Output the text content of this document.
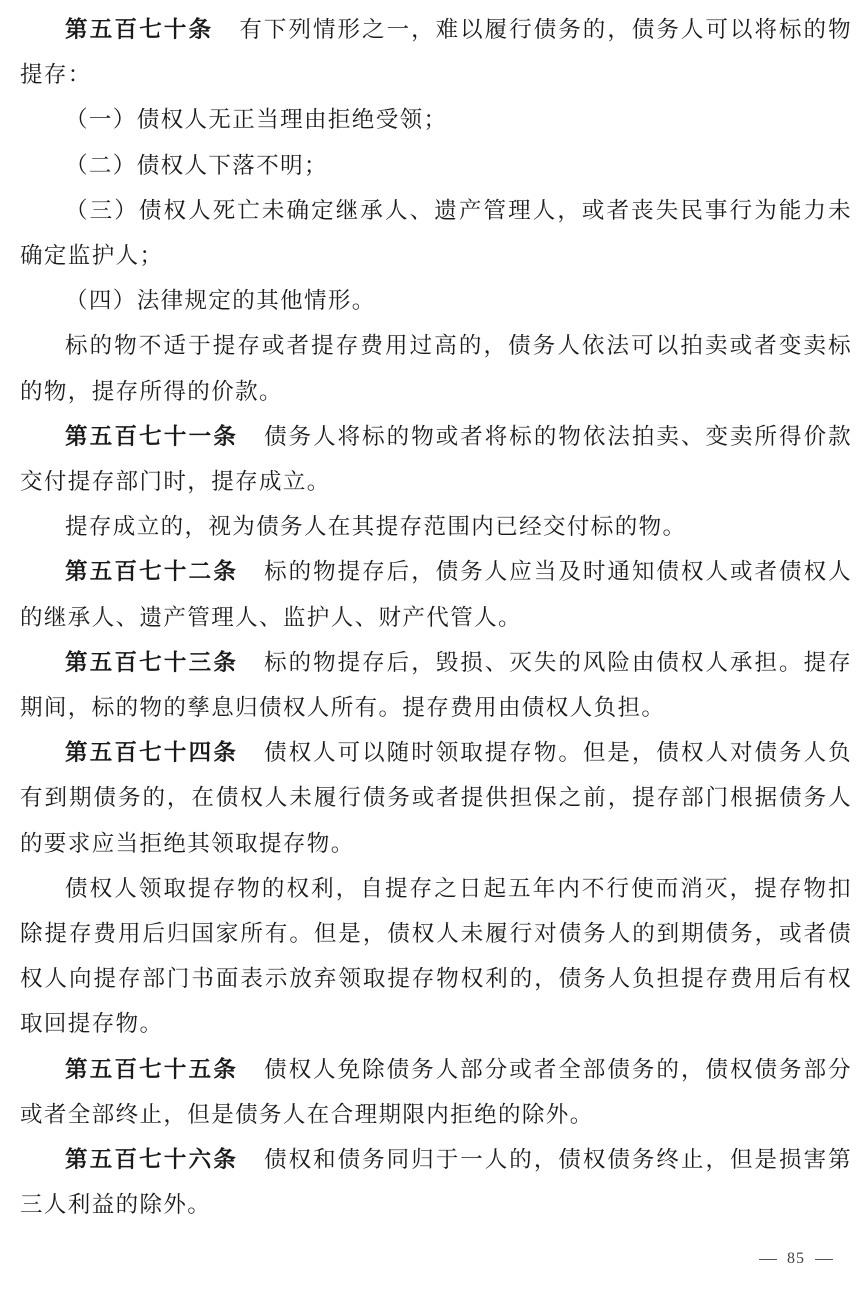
第五百七十条 有下列情形之一，难以履行债务的，债务人可以将标的物提存：

（一）债权人无正当理由拒绝受领；

（二）债权人下落不明；

（三）债权人死亡未确定继承人、遗产管理人，或者丧失民事行为能力未确定监护人；

（四）法律规定的其他情形。

标的物不适于提存或者提存费用过高的，债务人依法可以拍卖或者变卖标的物，提存所得的价款。

第五百七十一条 债务人将标的物或者将标的物依法拍卖、变卖所得价款交付提存部门时，提存成立。

提存成立的，视为债务人在其提存范围内已经交付标的物。

第五百七十二条 标的物提存后，债务人应当及时通知债权人或者债权人的继承人、遗产管理人、监护人、财产代管人。

第五百七十三条 标的物提存后，毁损、灭失的风险由债权人承担。提存期间，标的物的孳息归债权人所有。提存费用由债权人负担。

第五百七十四条 债权人可以随时领取提存物。但是，债权人对债务人负有到期债务的，在债权人未履行债务或者提供担保之前，提存部门根据债务人的要求应当拒绝其领取提存物。

债权人领取提存物的权利，自提存之日起五年内不行使而消灭，提存物扣除提存费用后归国家所有。但是，债权人未履行对债务人的到期债务，或者债权人向提存部门书面表示放弃领取提存物权利的，债务人负担提存费用后有权取回提存物。

第五百七十五条 债权人免除债务人部分或者全部债务的，债权债务部分或者全部终止，但是债务人在合理期限内拒绝的除外。

第五百七十六条 债权和债务同归于一人的，债权债务终止，但是损害第三人利益的除外。

85
